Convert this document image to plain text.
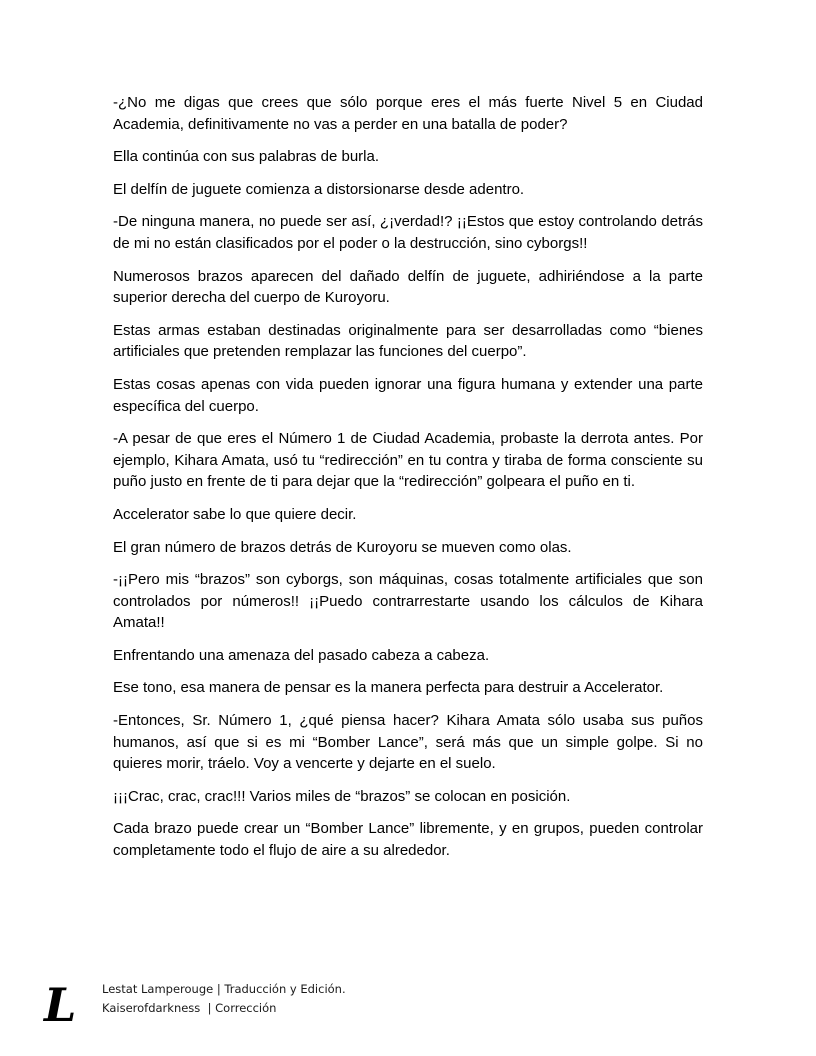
-¿No me digas que crees que sólo porque eres el más fuerte Nivel 5 en Ciudad Academia, definitivamente no vas a perder en una batalla de poder?

Ella continúa con sus palabras de burla.

El delfín de juguete comienza a distorsionarse desde adentro.

-De ninguna manera, no puede ser así, ¿¡verdad!? ¡¡Estos que estoy controlando detrás de mi no están clasificados por el poder o la destrucción, sino cyborgs!!

Numerosos brazos aparecen del dañado delfín de juguete, adhiriéndose a la parte superior derecha del cuerpo de Kuroyoru.

Estas armas estaban destinadas originalmente para ser desarrolladas como “bienes artificiales que pretenden remplazar las funciones del cuerpo”.

Estas cosas apenas con vida pueden ignorar una figura humana y extender una parte específica del cuerpo.

-A pesar de que eres el Número 1 de Ciudad Academia, probaste la derrota antes. Por ejemplo, Kihara Amata, usó tu “redirección” en tu contra y tiraba de forma consciente su puño justo en frente de ti para dejar que la “redirección” golpeara el puño en ti.

Accelerator sabe lo que quiere decir.

El gran número de brazos detrás de Kuroyoru se mueven como olas.

-¡¡Pero mis “brazos” son cyborgs, son máquinas, cosas totalmente artificiales que son controlados por números!! ¡¡Puedo contrarrestarte usando los cálculos de Kihara Amata!!

Enfrentando una amenaza del pasado cabeza a cabeza.

Ese tono, esa manera de pensar es la manera perfecta para destruir a Accelerator.

-Entonces, Sr. Número 1, ¿qué piensa hacer? Kihara Amata sólo usaba sus puños humanos, así que si es mi “Bomber Lance”, será más que un simple golpe. Si no quieres morir, tráelo. Voy a vencerte y dejarte en el suelo.

¡¡¡Crac, crac, crac!!! Varios miles de “brazos” se colocan en posición.

Cada brazo puede crear un “Bomber Lance” libremente, y en grupos, pueden controlar completamente todo el flujo de aire a su alrededor.

L	Lestat Lamperouge | Traducción y Edición.
Kaiserofdarkness  | Corrección
